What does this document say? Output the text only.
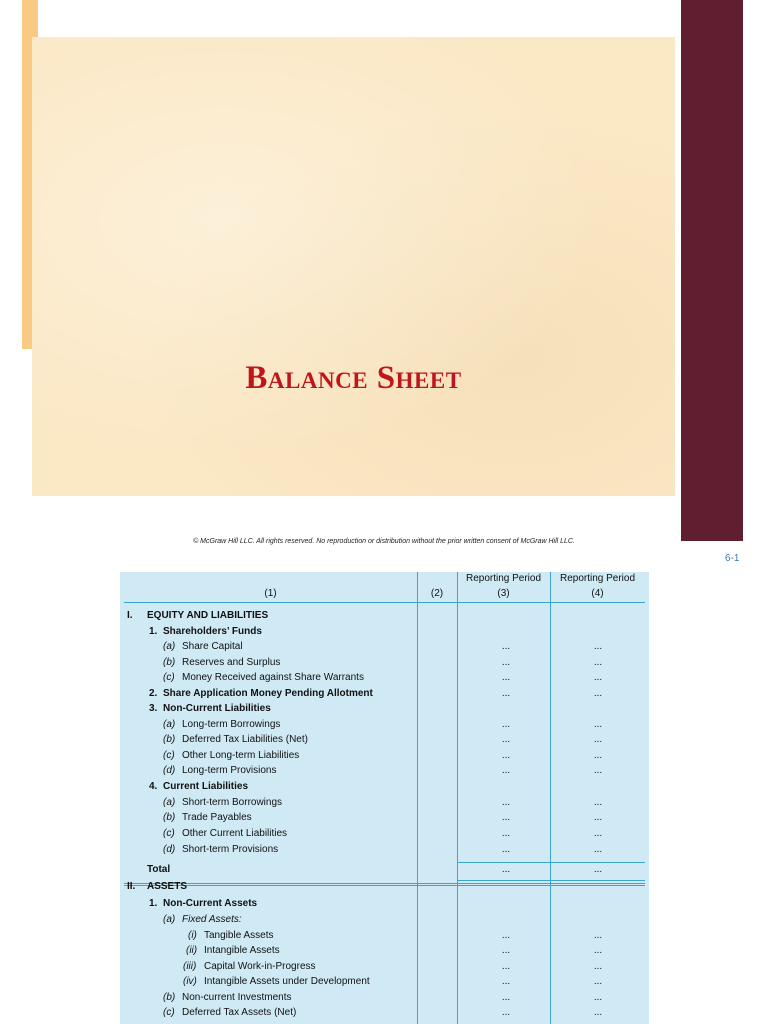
Balance Sheet
© McGraw Hill LLC. All rights reserved. No reproduction or distribution without the prior written consent of McGraw Hill LLC.
6-1
Reporting Period	Reporting Period
(1)	(2)	(3)	(4)
I. EQUITY AND LIABILITIES
1. Shareholders’ Funds
(a) Share Capital	...	...
(b) Reserves and Surplus	...	...
(c) Money Received against Share Warrants	...	...
2. Share Application Money Pending Allotment	...	...
3. Non-Current Liabilities
(a) Long-term Borrowings	...	...
(b) Deferred Tax Liabilities (Net)	...	...
(c) Other Long-term Liabilities	...	...
(d) Long-term Provisions	...	...
4. Current Liabilities
(a) Short-term Borrowings	...	...
(b) Trade Payables	...	...
(c) Other Current Liabilities	...	...
(d) Short-term Provisions	...	...
Total	...	...
II. ASSETS
1. Non-Current Assets
(a) Fixed Assets:
(i) Tangible Assets	...	...
(ii) Intangible Assets	...	...
(iii) Capital Work-in-Progress	...	...
(iv) Intangible Assets under Development	...	...
(b) Non-current Investments	...	...
(c) Deferred Tax Assets (Net)	...	...
